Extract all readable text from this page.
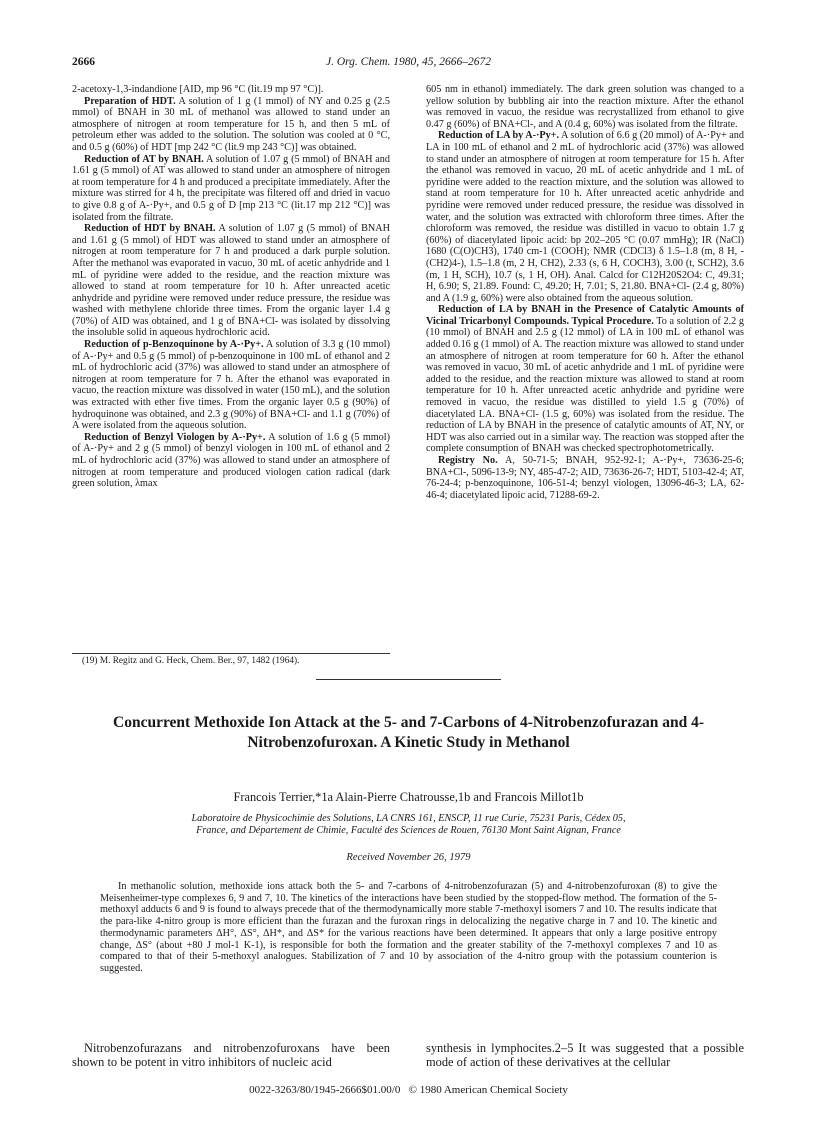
2666	J. Org. Chem. 1980, 45, 2666–2672

2-acetoxy-1,3-indandione [AID, mp 96 °C (lit.19 mp 97 °C)].

Preparation of HDT. A solution of 1 g (1 mmol) of NY and 0.25 g (2.5 mmol) of BNAH in 30 mL of methanol was allowed to stand under an atmosphere of nitrogen at room temperature for 15 h, and then 5 mL of petroleum ether was added to the solution. The solution was cooled at 0 °C, and 0.5 g (60%) of HDT [mp 242 °C (lit.9 mp 243 °C)] was obtained.

Reduction of AT by BNAH. A solution of 1.07 g (5 mmol) of BNAH and 1.61 g (5 mmol) of AT was allowed to stand under an atmosphere of nitrogen at room temperature for 4 h and produced a precipitate immediately. After the mixture was stirred for 4 h, the precipitate was filtered off and dried in vacuo to give 0.8 g of A-·Py+, and 0.5 g of D [mp 213 °C (lit.17 mp 212 °C)] was isolated from the filtrate.

Reduction of HDT by BNAH. A solution of 1.07 g (5 mmol) of BNAH and 1.61 g (5 mmol) of HDT was allowed to stand under an atmosphere of nitrogen at room temperature for 7 h and produced a dark purple solution. After the methanol was evaporated in vacuo, 30 mL of acetic anhydride and 1 mL of pyridine were added to the residue, and the reaction mixture was allowed to stand at room temperature for 10 h. After unreacted acetic anhydride and pyridine were removed under reduce pressure, the residue was washed with methylene chloride three times. From the organic layer 1.4 g (70%) of AID was obtained, and 1 g of BNA+Cl- was isolated by dissolving the insoluble solid in aqueous hydrochloric acid.

Reduction of p-Benzoquinone by A-·Py+. A solution of 3.3 g (10 mmol) of A-·Py+ and 0.5 g (5 mmol) of p-benzoquinone in 100 mL of ethanol and 2 mL of hydrochloric acid (37%) was allowed to stand under an atmosphere of nitrogen at room temperature for 7 h. After the ethanol was evaporated in vacuo, the reaction mixture was dissolved in water (150 mL), and the solution was extracted with ether five times. From the organic layer 0.5 g (90%) of hydroquinone was obtained, and 2.3 g (90%) of BNA+Cl- and 1.1 g (70%) of A were isolated from the aqueous solution.

Reduction of Benzyl Viologen by A-·Py+. A solution of 1.6 g (5 mmol) of A-·Py+ and 2 g (5 mmol) of benzyl viologen in 100 mL of ethanol and 2 mL of hydrochloric acid (37%) was allowed to stand under an atmosphere of nitrogen at room temperature and produced viologen cation radical (dark green solution, λmax

605 nm in ethanol) immediately. The dark green solution was changed to a yellow solution by bubbling air into the reaction mixture. After the ethanol was removed in vacuo, the residue was recrystallized from ethanol to give 0.47 g (60%) of BNA+Cl-, and A (0.4 g, 60%) was isolated from the filtrate.

Reduction of LA by A-·Py+. A solution of 6.6 g (20 mmol) of A-·Py+ and LA in 100 mL of ethanol and 2 mL of hydrochloric acid (37%) was allowed to stand under an atmosphere of nitrogen at room temperature for 15 h. After the ethanol was removed in vacuo, 20 mL of acetic anhydride and 1 mL of pyridine were added to the reaction mixture, and the solution was allowed to stand at room temperature for 10 h. After unreacted acetic anhydride and pyridine were removed under reduced pressure, the residue was dissolved in water, and the solution was extracted with chloroform three times. After the chloroform was removed, the residue was distilled in vacuo to obtain 1.7 g (60%) of diacetylated lipoic acid: bp 202–205 °C (0.07 mmHg); IR (NaCl) 1680 (C(O)CH3), 1740 cm-1 (COOH); NMR (CDCl3) δ 1.5–1.8 (m, 8 H, -(CH2)4-), 1.5–1.8 (m, 2 H, CH2), 2.33 (s, 6 H, COCH3), 3.00 (t, SCH2), 3.6 (m, 1 H, SCH), 10.7 (s, 1 H, OH). Anal. Calcd for C12H20S2O4: C, 49.31; H, 6.90; S, 21.89. Found: C, 49.20; H, 7.01; S, 21.80. BNA+Cl- (2.4 g, 80%) and A (1.9 g, 60%) were also obtained from the aqueous solution.

Reduction of LA by BNAH in the Presence of Catalytic Amounts of Vicinal Tricarbonyl Compounds. Typical Procedure. To a solution of 2.2 g (10 mmol) of BNAH and 2.5 g (12 mmol) of LA in 100 mL of ethanol was added 0.16 g (1 mmol) of A. The reaction mixture was allowed to stand under an atmosphere of nitrogen at room temperature for 60 h. After the ethanol was removed in vacuo, 30 mL of acetic anhydride and 1 mL of pyridine were added to the residue, and the reaction mixture was allowed to stand at room temperature for 10 h. After unreacted acetic anhydride and pyridine were removed in vacuo, the residue was distilled to yield 1.5 g (70%) of diacetylated LA. BNA+Cl- (1.5 g, 60%) was isolated from the residue. The reduction of LA by BNAH in the presence of catalytic amounts of AT, NY, or HDT was also carried out in a similar way. The reaction was stopped after the complete consumption of BNAH was checked spectrophotometrically.

Registry No. A, 50-71-5; BNAH, 952-92-1; A-·Py+, 73636-25-6; BNA+Cl-, 5096-13-9; NY, 485-47-2; AID, 73636-26-7; HDT, 5103-42-4; AT, 76-24-4; p-benzoquinone, 106-51-4; benzyl viologen, 13096-46-3; LA, 62-46-4; diacetylated lipoic acid, 71288-69-2.

(19) M. Regitz and G. Heck, Chem. Ber., 97, 1482 (1964).
Concurrent Methoxide Ion Attack at the 5- and 7-Carbons of 4-Nitrobenzofurazan and 4-Nitrobenzofuroxan. A Kinetic Study in Methanol
Francois Terrier,*1a Alain-Pierre Chatrousse,1b and Francois Millot1b
Laboratoire de Physicochimie des Solutions, LA CNRS 161, ENSCP, 11 rue Curie, 75231 Paris, Cédex 05,
France, and Département de Chimie, Faculté des Sciences de Rouen, 76130 Mont Saint Aignan, France
Received November 26, 1979

In methanolic solution, methoxide ions attack both the 5- and 7-carbons of 4-nitrobenzofurazan (5) and 4-nitrobenzofuroxan (8) to give the Meisenheimer-type complexes 6, 9 and 7, 10. The kinetics of the interactions have been studied by the stopped-flow method. The formation of the 5-methoxyl adducts 6 and 9 is found to always precede that of the thermodynamically more stable 7-methoxyl isomers 7 and 10. The results indicate that the para-like 4-nitro group is more efficient than the furazan and the furoxan rings in delocalizing the negative charge in 7 and 10. The kinetic and thermodynamic parameters ΔH°, ΔS°, ΔH*, and ΔS* for the various reactions have been determined. It appears that only a large positive entropy change, ΔS° (about +80 J mol-1 K-1), is responsible for both the formation and the greater stability of the 7-methoxyl complexes 7 and 10 as compared to that of their 5-methoxyl analogues. Stabilization of 7 and 10 by association of the 4-nitro group with the potassium counterion is suggested.

Nitrobenzofurazans and nitrobenzofuroxans have been shown to be potent in vitro inhibitors of nucleic acid

synthesis in lymphocites.2–5 It was suggested that a possible mode of action of these derivatives at the cellular

0022-3263/80/1945-2666$01.00/0   © 1980 American Chemical Society
